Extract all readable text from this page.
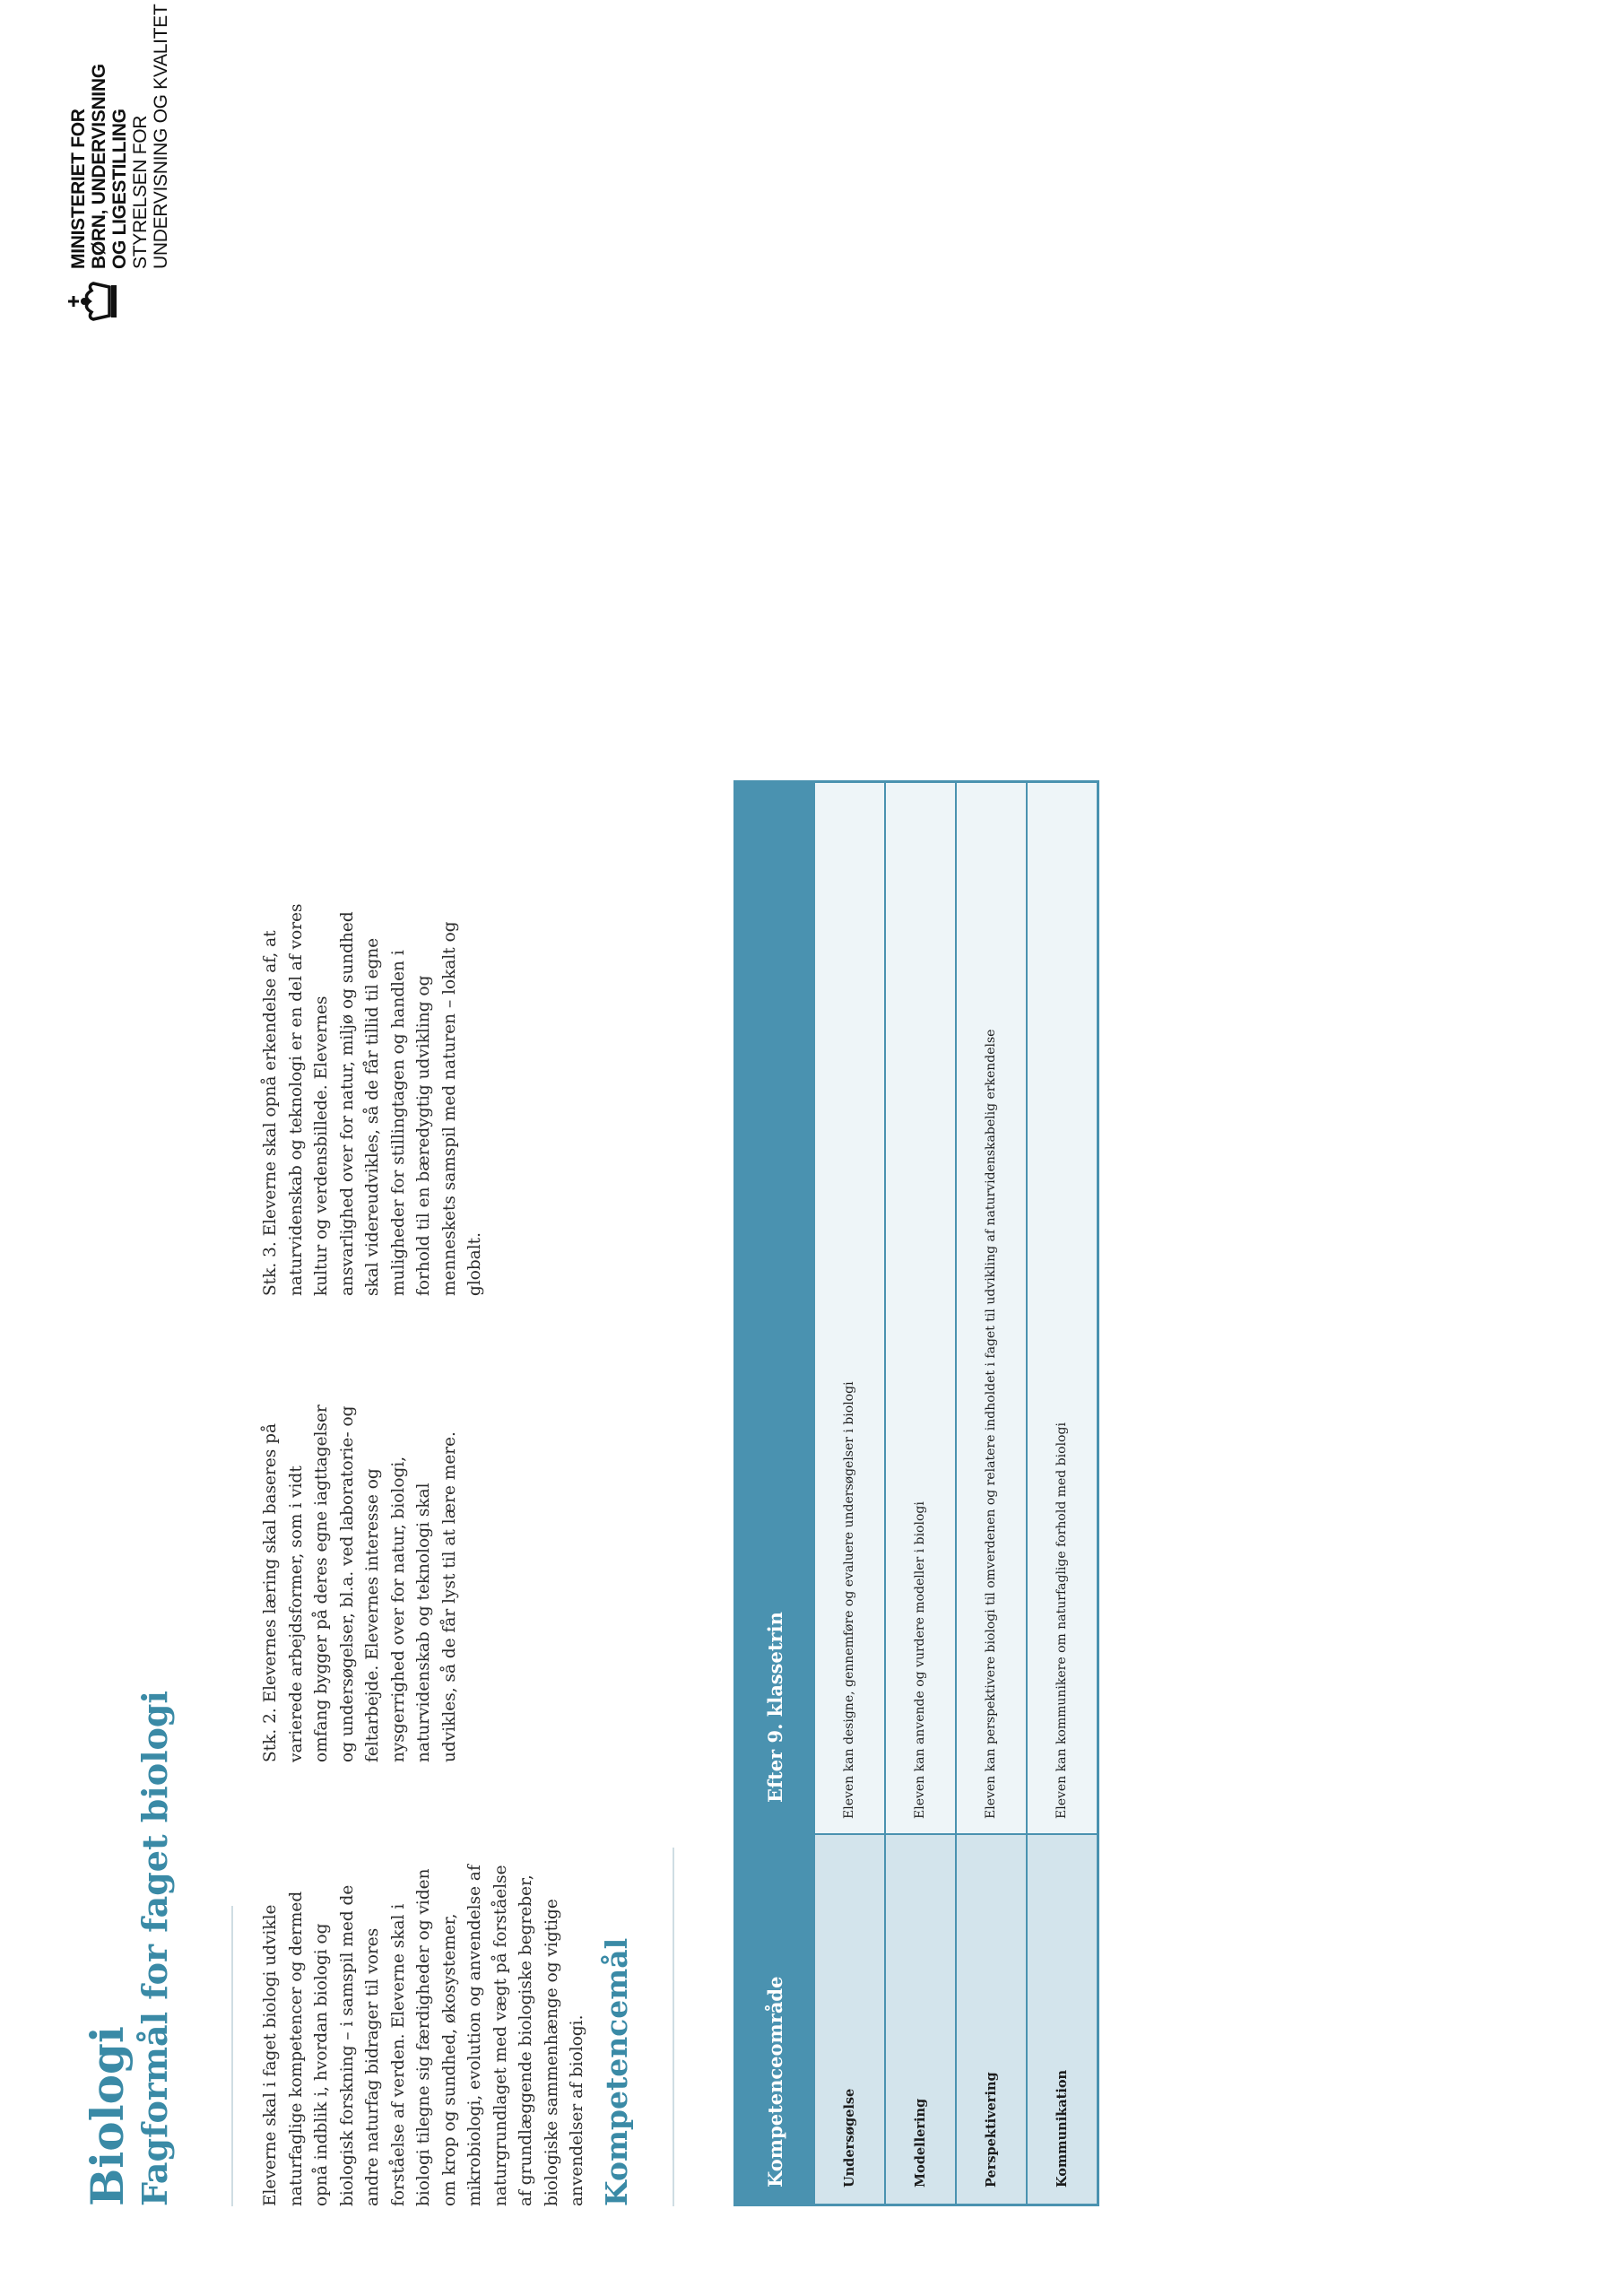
Biologi Fagformål for faget biologi	Eleverne skal i faget biologi udvikle naturfaglige kompetencer og dermed opnå indblik i, hvordan biologi og biologisk forskning – i samspil med de andre naturfag bidrager til vores forståelse af verden. Eleverne skal i biologi tilegne sig færdigheder og viden om krop og sundhed, økosystemer, mikrobiologi, evolution og anvendelse af naturgrundlaget med vægt på forståelse af grundlæggende biologiske begreber, biologiske sammenhænge og vigtige anvendelser af biologi.

Stk. 2. Elevernes læring skal baseres på varierede arbejdsformer, som i vidt omfang bygger på deres egne iagttagelser og undersøgelser, bl.a. ved laboratorie- og feltarbejde. Elevernes interesse og nysgerrighed over for natur, biologi, naturvidenskab og teknologi skal udvikles, så de får lyst til at lære mere.

Stk. 3. Eleverne skal opnå erkendelse af, at naturvidenskab og teknologi er en del af vores kultur og verdensbillede. Elevernes ansvarlighed over for natur, miljø og sundhed skal videreudvikles, så de får tillid til egne muligheder for stillingtagen og handlen i forhold til en bæredygtig udvikling og menneskets samspil med naturen – lokalt og globalt.

Kompetencemål
MINISTERIET FOR BØRN, UNDERVISNING OG LIGESTILLING STYRELSEN FOR UNDERVISNING OG KVALITET
Kompetenceområde
Efter 9. klassetrin
Undersøgelse
Eleven kan designe, gennemføre og evaluere undersøgelser i biologi
Modellering
Eleven kan anvende og vurdere modeller i biologi
Perspektivering
Eleven kan perspektivere biologi til omverdenen og relatere indholdet i faget til udvikling af naturvidenskabelig erkendelse
Kommunikation
Eleven kan kommunikere om naturfaglige forhold med biologi
